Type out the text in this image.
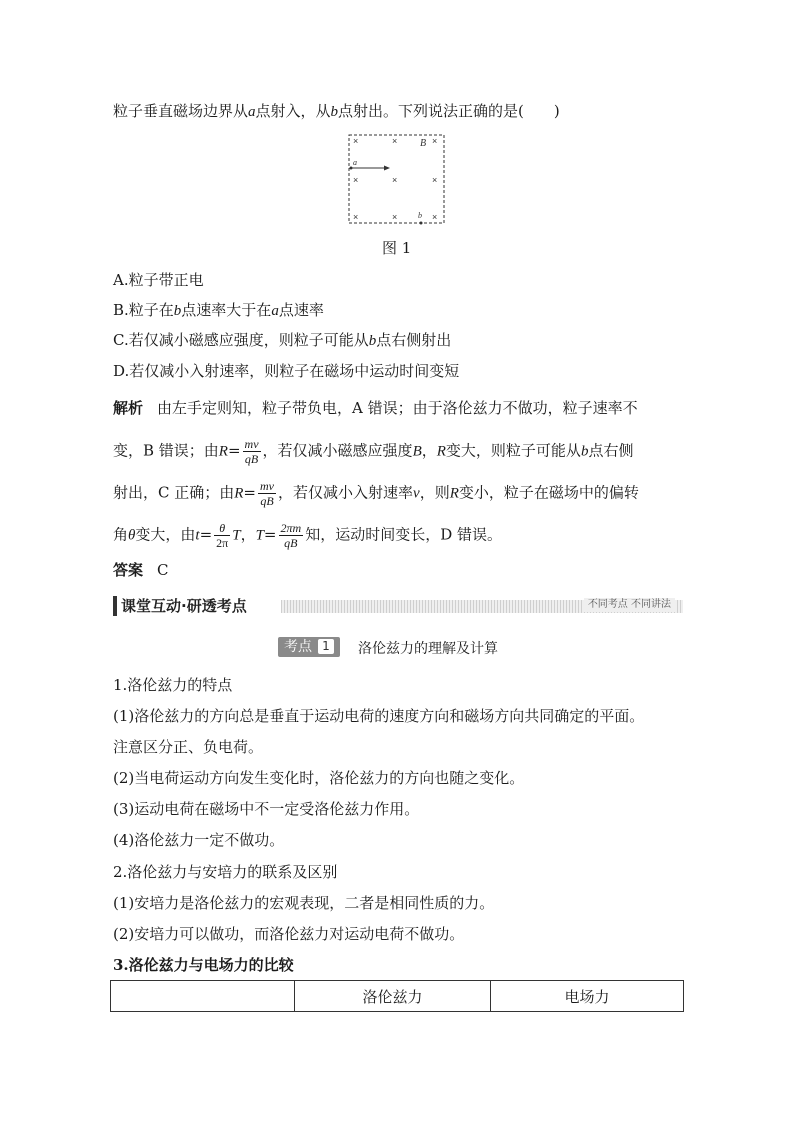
粒子垂直磁场边界从a点射入，从b点射出。下列说法正确的是( )
×	×	×
×	×	×
×	×	×
B
a
b
图 1
A.粒子带正电
B.粒子在b点速率大于在a点速率
C.若仅减小磁感应强度，则粒子可能从b点右侧射出
D.若仅减小入射速率，则粒子在磁场中运动时间变短
解析 由左手定则知，粒子带负电，A 错误；由于洛伦兹力不做功，粒子速率不
变，B 错误；由$R= \frac{mv}{qB}$ ，若仅减小磁感应强度B，R变大，则粒子可能从b点右侧
射出，C 正确；由$R= \frac{mv}{qB}$ ，若仅减小入射速率v，则R变小，粒子在磁场中的偏转
角θ变大，由$t= \frac{\theta}{2\pi}$ T，$T= \frac{2\pi m}{qB}$ 知，运动时间变长，D 错误。
答案 C
课堂互动·研透考点	不同考点 不同讲法
考点 1 洛伦兹力的理解及计算
1.洛伦兹力的特点
(1)洛伦兹力的方向总是垂直于运动电荷的速度方向和磁场方向共同确定的平面。
注意区分正、负电荷。
(2)当电荷运动方向发生变化时，洛伦兹力的方向也随之变化。
(3)运动电荷在磁场中不一定受洛伦兹力作用。
(4)洛伦兹力一定不做功。
2.洛伦兹力与安培力的联系及区别
(1)安培力是洛伦兹力的宏观表现，二者是相同性质的力。
(2)安培力可以做功，而洛伦兹力对运动电荷不做功。
3.洛伦兹力与电场力的比较
	洛伦兹力	电场力
